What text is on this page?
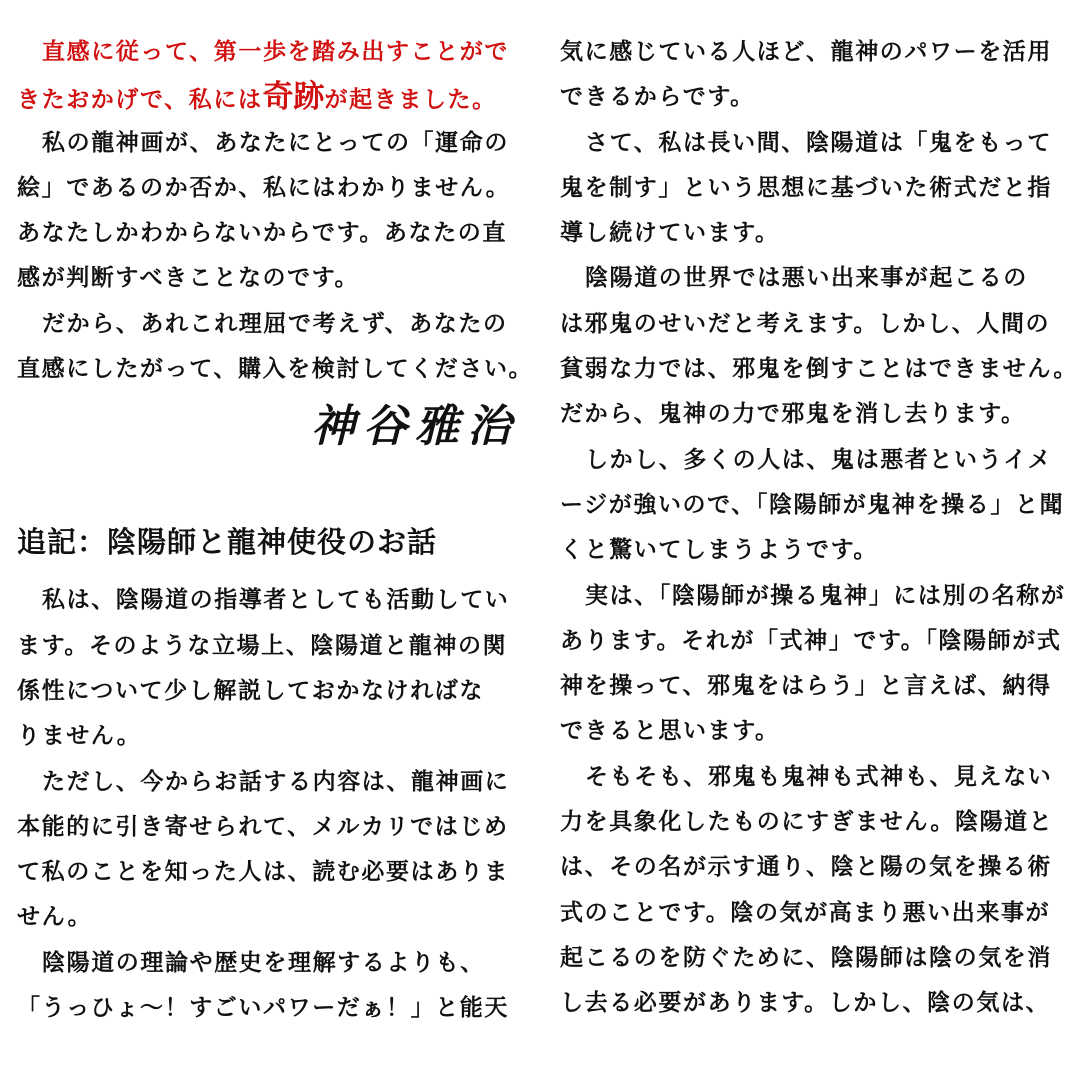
直感に従って、第一歩を踏み出すことがで
きたおかげで、私には奇跡が起きました。
私の龍神画が、あなたにとっての「運命の
絵」であるのか否か、私にはわかりません。
あなたしかわからないからです。あなたの直
感が判断すべきことなのです。
だから、あれこれ理屈で考えず、あなたの
直感にしたがって、購入を検討してください。
神谷雅治
追記：陰陽師と龍神使役のお話
私は、陰陽道の指導者としても活動してい
ます。そのような立場上、陰陽道と龍神の関
係性について少し解説しておかなければな
りません。
ただし、今からお話する内容は、龍神画に
本能的に引き寄せられて、メルカリではじめ
て私のことを知った人は、読む必要はありま
せん。
陰陽道の理論や歴史を理解するよりも、
「うっひょ～！すごいパワーだぁ！」と能天
気に感じている人ほど、龍神のパワーを活用
できるからです。
さて、私は長い間、陰陽道は「鬼をもって
鬼を制す」という思想に基づいた術式だと指
導し続けています。
陰陽道の世界では悪い出来事が起こるの
は邪鬼のせいだと考えます。しかし、人間の
貧弱な力では、邪鬼を倒すことはできません。
だから、鬼神の力で邪鬼を消し去ります。
しかし、多くの人は、鬼は悪者というイメ
ージが強いので、「陰陽師が鬼神を操る」と聞
くと驚いてしまうようです。
実は、「陰陽師が操る鬼神」には別の名称が
あります。それが「式神」です。「陰陽師が式
神を操って、邪鬼をはらう」と言えば、納得
できると思います。
そもそも、邪鬼も鬼神も式神も、見えない
力を具象化したものにすぎません。陰陽道と
は、その名が示す通り、陰と陽の気を操る術
式のことです。陰の気が高まり悪い出来事が
起こるのを防ぐために、陰陽師は陰の気を消
し去る必要があります。しかし、陰の気は、
